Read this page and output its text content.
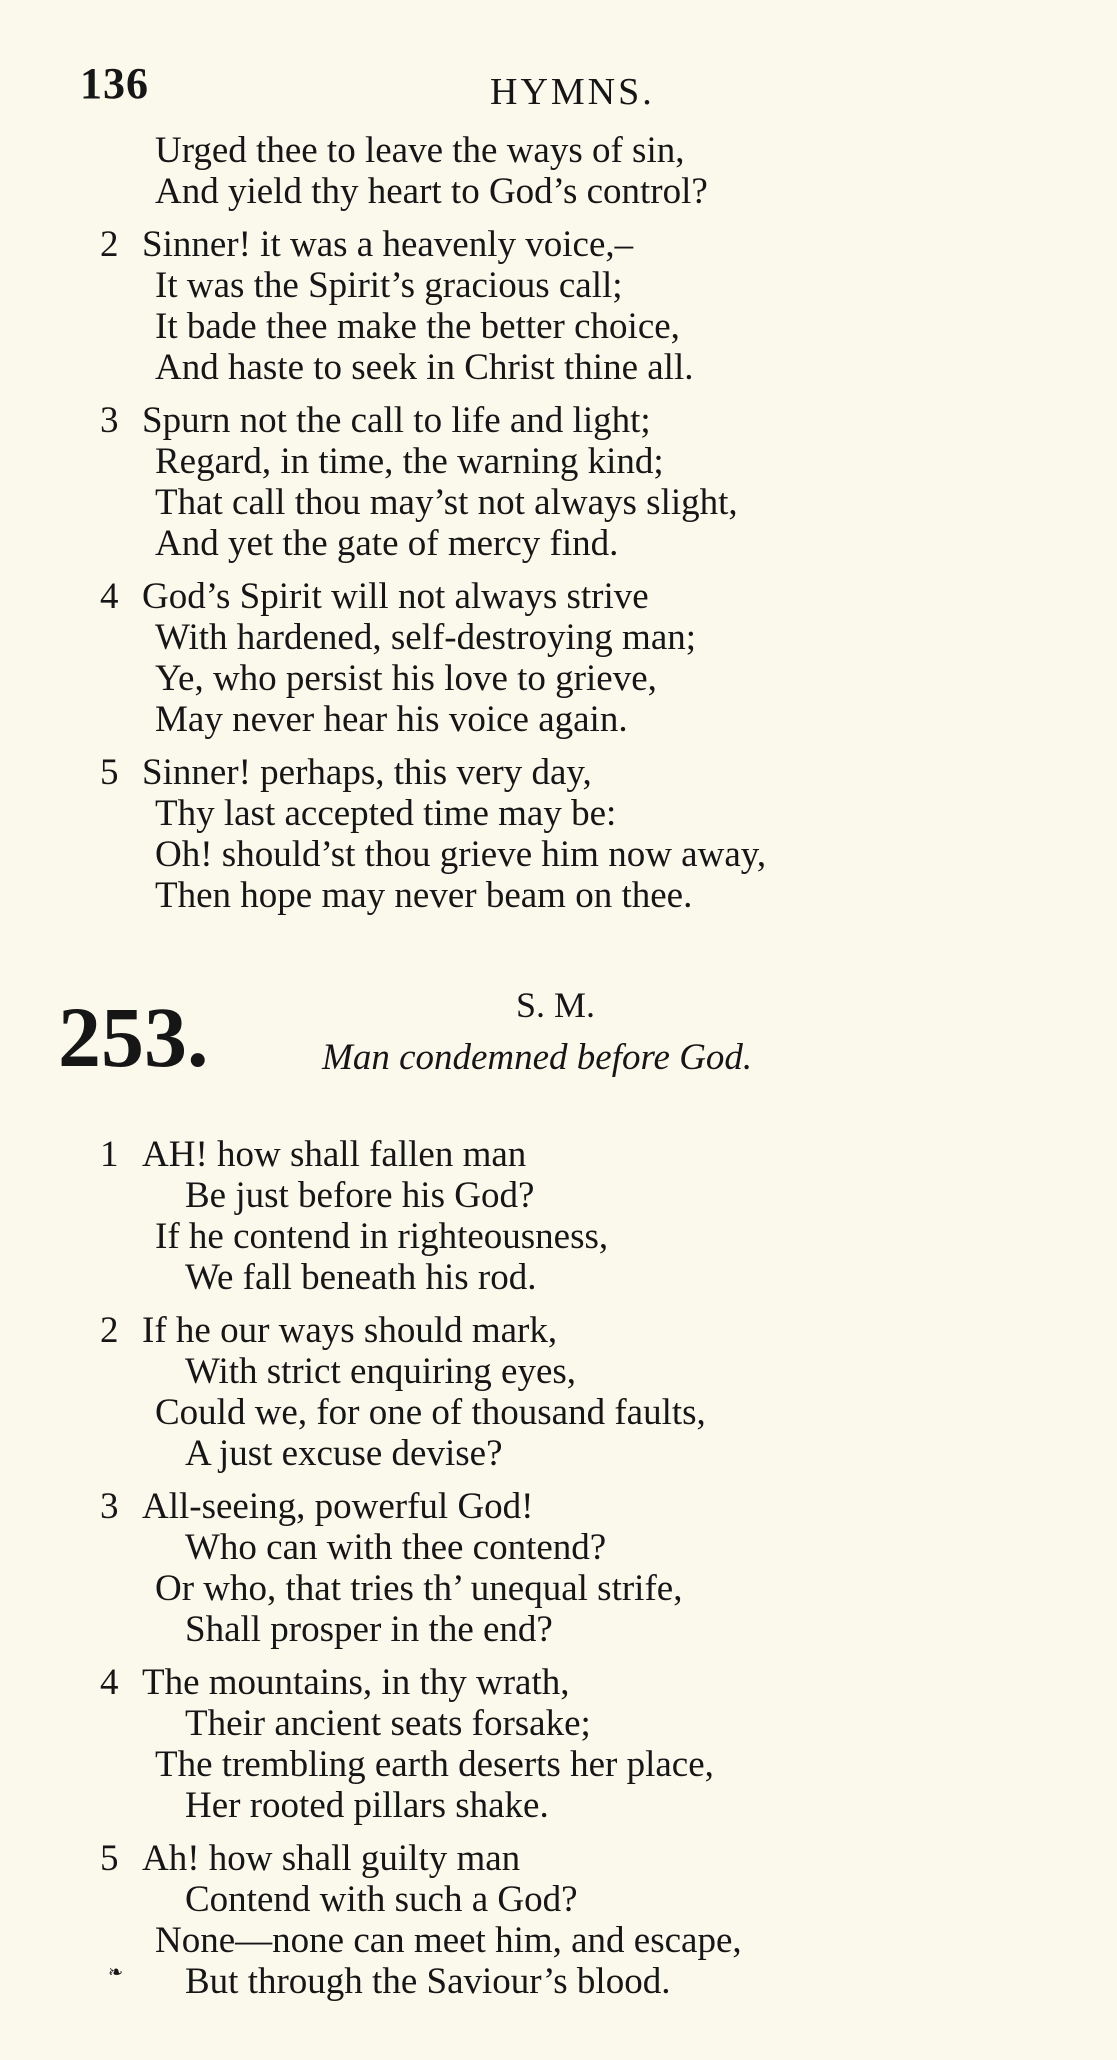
136	HYMNS.
Urged thee to leave the ways of sin,
And yield thy heart to God’s control?
2 Sinner! it was a heavenly voice,–
It was the Spirit’s gracious call;
It bade thee make the better choice,
And haste to seek in Christ thine all.
3 Spurn not the call to life and light;
Regard, in time, the warning kind;
That call thou may’st not always slight,
And yet the gate of mercy find.
4 God’s Spirit will not always strive
With hardened, self-destroying man;
Ye, who persist his love to grieve,
May never hear his voice again.
5 Sinner! perhaps, this very day,
Thy last accepted time may be:
Oh! should’st thou grieve him now away,
Then hope may never beam on thee.
253.	S. M.
Man condemned before God.
1 AH! how shall fallen man
Be just before his God?
If he contend in righteousness,
We fall beneath his rod.
2 If he our ways should mark,
With strict enquiring eyes,
Could we, for one of thousand faults,
A just excuse devise?
3 All-seeing, powerful God!
Who can with thee contend?
Or who, that tries th’ unequal strife,
Shall prosper in the end?
4 The mountains, in thy wrath,
Their ancient seats forsake;
The trembling earth deserts her place,
Her rooted pillars shake.
5 Ah! how shall guilty man
Contend with such a God?
None—none can meet him, and escape,
But through the Saviour’s blood.
❧
